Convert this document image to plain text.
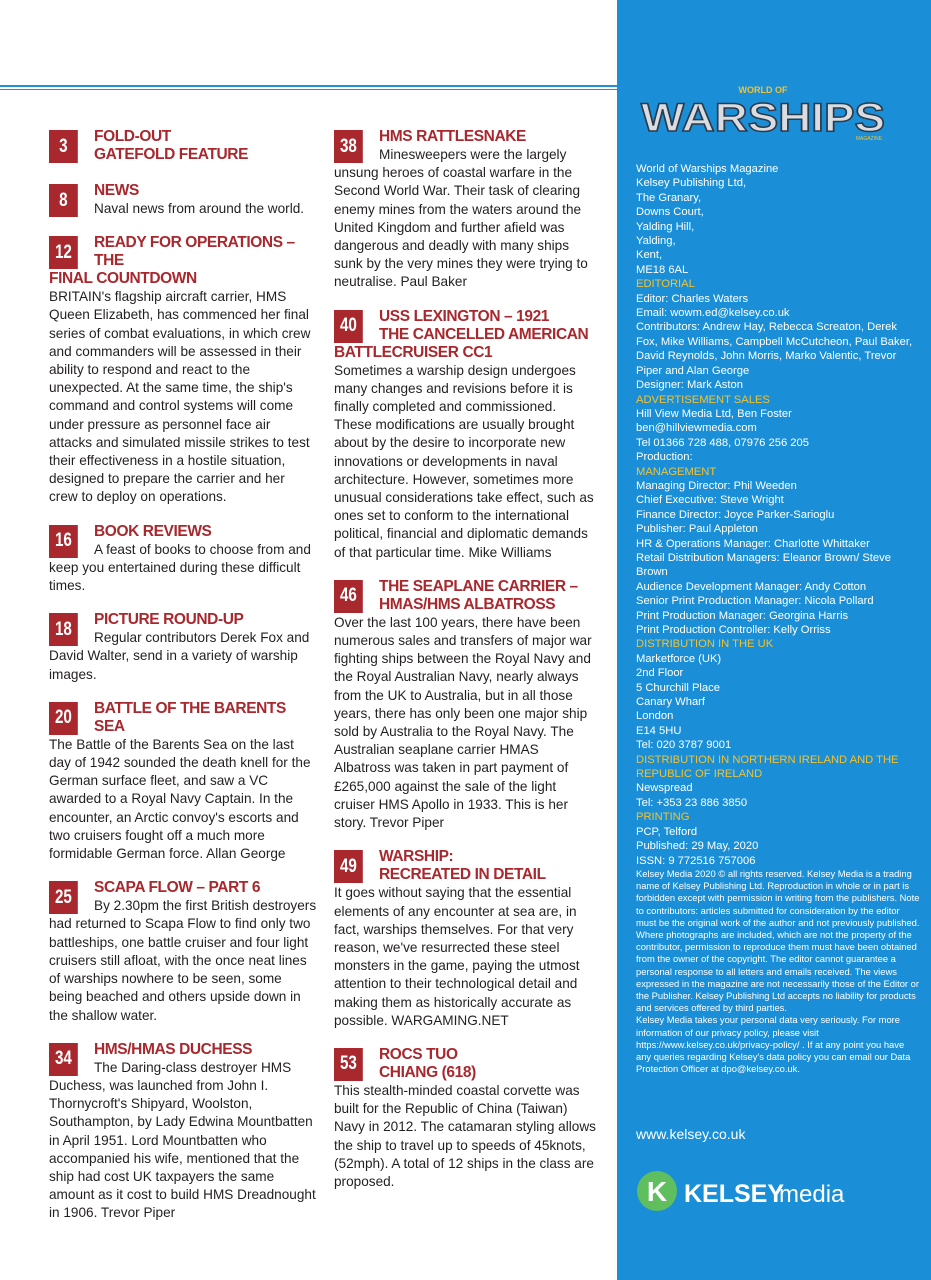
3	FOLD-OUT
GATEFOLD FEATURE
8	NEWS
Naval news from around the world.
12	READY FOR OPERATIONS – THE
FINAL COUNTDOWN
BRITAIN's flagship aircraft carrier, HMS Queen Elizabeth, has commenced her final series of combat evaluations, in which crew and commanders will be assessed in their ability to respond and react to the unexpected. At the same time, the ship's command and control systems will come under pressure as personnel face air attacks and simulated missile strikes to test their effectiveness in a hostile situation, designed to prepare the carrier and her crew to deploy on operations.
16	BOOK REVIEWS
A feast of books to choose from and keep you entertained during these difficult times.
18	PICTURE ROUND-UP
Regular contributors Derek Fox and David Walter, send in a variety of warship images.
20	BATTLE OF THE BARENTS SEA
The Battle of the Barents Sea on the last day of 1942 sounded the death knell for the German surface fleet, and saw a VC awarded to a Royal Navy Captain. In the encounter, an Arctic convoy's escorts and two cruisers fought off a much more formidable German force. Allan George
25	SCAPA FLOW – PART 6
By 2.30pm the first British destroyers had returned to Scapa Flow to find only two battleships, one battle cruiser and four light cruisers still afloat, with the once neat lines of warships nowhere to be seen, some being beached and others upside down in the shallow water.
34	HMS/HMAS DUCHESS
The Daring-class destroyer HMS Duchess, was launched from John I. Thornycroft's Shipyard, Woolston, Southampton, by Lady Edwina Mountbatten in April 1951. Lord Mountbatten who accompanied his wife, mentioned that the ship had cost UK taxpayers the same amount as it cost to build HMS Dreadnought in 1906. Trevor Piper
38	HMS RATTLESNAKE
Minesweepers were the largely unsung heroes of coastal warfare in the Second World War. Their task of clearing enemy mines from the waters around the United Kingdom and further afield was dangerous and deadly with many ships sunk by the very mines they were trying to neutralise. Paul Baker
40	USS LEXINGTON – 1921
THE CANCELLED AMERICAN
BATTLECRUISER CC1
Sometimes a warship design undergoes many changes and revisions before it is finally completed and commissioned. These modifications are usually brought about by the desire to incorporate new innovations or developments in naval architecture. However, sometimes more unusual considerations take effect, such as ones set to conform to the international political, financial and diplomatic demands of that particular time. Mike Williams
46	THE SEAPLANE CARRIER –
HMAS/HMS ALBATROSS
Over the last 100 years, there have been numerous sales and transfers of major war fighting ships between the Royal Navy and the Royal Australian Navy, nearly always from the UK to Australia, but in all those years, there has only been one major ship sold by Australia to the Royal Navy. The Australian seaplane carrier HMAS Albatross was taken in part payment of £265,000 against the sale of the light cruiser HMS Apollo in 1933. This is her story. Trevor Piper
49	WARSHIP:
RECREATED IN DETAIL
It goes without saying that the essential elements of any encounter at sea are, in fact, warships themselves. For that very reason, we've resurrected these steel monsters in the game, paying the utmost attention to their technological detail and making them as historically accurate as possible. WARGAMING.NET
53	ROCS TUO
CHIANG (618)
This stealth-minded coastal corvette was built for the Republic of China (Taiwan) Navy in 2012. The catamaran styling allows the ship to travel up to speeds of 45knots, (52mph). A total of 12 ships in the class are proposed.
WORLD OF
WARSHIPS
MAGAZINE
World of Warships Magazine
Kelsey Publishing Ltd,
The Granary,
Downs Court,
Yalding Hill,
Yalding,
Kent,
ME18 6AL
EDITORIAL
Editor: Charles Waters
Email: wowm.ed@kelsey.co.uk
Contributors: Andrew Hay, Rebecca Screaton, Derek Fox, Mike Williams, Campbell McCutcheon, Paul Baker, David Reynolds, John Morris, Marko Valentic, Trevor Piper and Alan George
Designer: Mark Aston
ADVERTISEMENT SALES
Hill View Media Ltd, Ben Foster
ben@hillviewmedia.com
Tel 01366 728 488, 07976 256 205
Production:
MANAGEMENT
Managing Director: Phil Weeden
Chief Executive: Steve Wright
Finance Director: Joyce Parker-Sarioglu
Publisher: Paul Appleton
HR & Operations Manager: Charlotte Whittaker
Retail Distribution Managers: Eleanor Brown/ Steve Brown
Audience Development Manager: Andy Cotton
Senior Print Production Manager: Nicola Pollard
Print Production Manager: Georgina Harris
Print Production Controller: Kelly Orriss
DISTRIBUTION IN THE UK
Marketforce (UK)
2nd Floor
5 Churchill Place
Canary Wharf
London
E14 5HU
Tel: 020 3787 9001
DISTRIBUTION IN NORTHERN IRELAND AND THE REPUBLIC OF IRELAND
Newspread
Tel: +353 23 886 3850
PRINTING
PCP, Telford
Published: 29 May, 2020
ISSN: 9 772516 757006
Kelsey Media 2020 © all rights reserved. Kelsey Media is a trading name of Kelsey Publishing Ltd. Reproduction in whole or in part is forbidden except with permission in writing from the publishers. Note to contributors: articles submitted for consideration by the editor must be the original work of the author and not previously published. Where photographs are included, which are not the property of the contributor, permission to reproduce them must have been obtained from the owner of the copyright. The editor cannot guarantee a personal response to all letters and emails received. The views expressed in the magazine are not necessarily those of the Editor or the Publisher. Kelsey Publishing Ltd accepts no liability for products and services offered by third parties.
Kelsey Media takes your personal data very seriously. For more information of our privacy policy, please visit https://www.kelsey.co.uk/privacy-policy/ . If at any point you have any queries regarding Kelsey's data policy you can email our Data Protection Officer at dpo@kelsey.co.uk.
www.kelsey.co.uk
K KELSEY
media
